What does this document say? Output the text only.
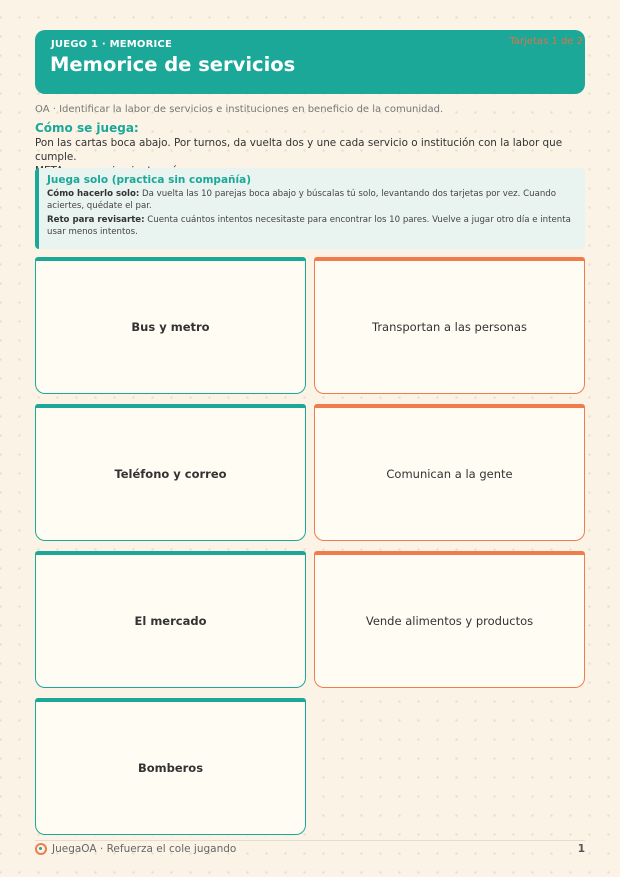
JUEGO 1 · MEMORICE
Memorice de servicios
Tarjetas 1 de 2
OA · Identificar la labor de servicios e instituciones en beneficio de la comunidad.
Cómo se juega:
Pon las cartas boca abajo. Por turnos, da vuelta dos y une cada servicio o institución con la labor que cumple.
Juega solo (practica sin compañía)

Cómo hacerlo solo: Da vuelta las 10 parejas boca abajo y búscalas tú solo, levantando dos tarjetas por vez. Cuando aciertes, quédate el par.

Reto para revisarte: Cuenta cuántos intentos necesitaste para encontrar los 10 pares. Vuelve a jugar otro día e intenta usar menos intentos.

Bus y metro	Transportan a las personas
Teléfono y correo	Comunican a la gente
El mercado	Vende alimentos y productos
Bomberos
JuegaOA · Refuerza el cole jugando	1
